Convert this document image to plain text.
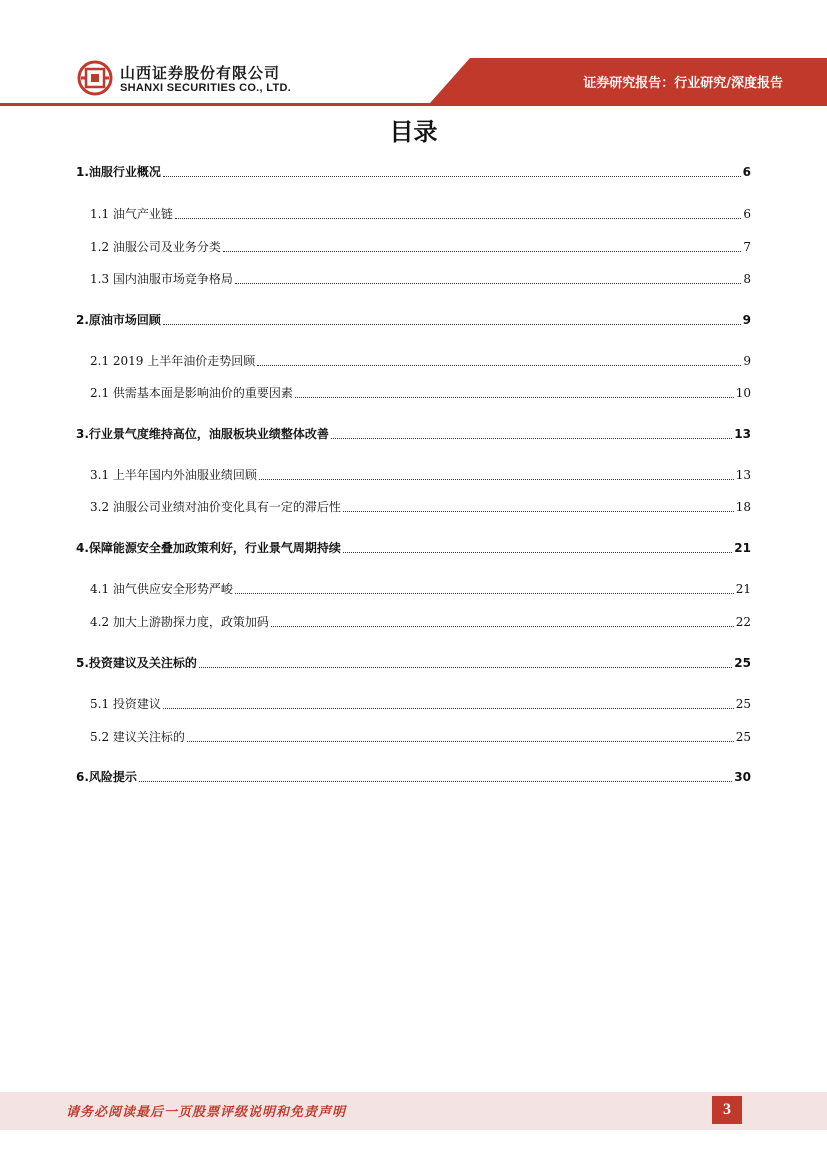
山西证券股份有限公司
SHANXI SECURITIES CO., LTD.	证券研究报告：行业研究/深度报告
目录
1.油服行业概况	6
1.1 油气产业链	6
1.2 油服公司及业务分类	7
1.3 国内油服市场竞争格局	8
2.原油市场回顾	9
2.1 2019 上半年油价走势回顾	9
2.1 供需基本面是影响油价的重要因素	10
3.行业景气度维持高位，油服板块业绩整体改善	13
3.1 上半年国内外油服业绩回顾	13
3.2 油服公司业绩对油价变化具有一定的滞后性	18
4.保障能源安全叠加政策利好，行业景气周期持续	21
4.1 油气供应安全形势严峻	21
4.2 加大上游勘探力度，政策加码	22
5.投资建议及关注标的	25
5.1 投资建议	25
5.2 建议关注标的	25
6.风险提示	30
请务必阅读最后一页股票评级说明和免责声明	3
